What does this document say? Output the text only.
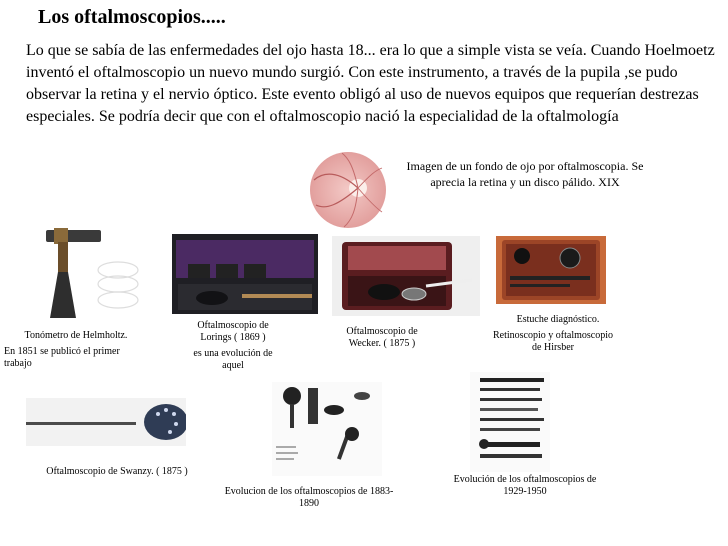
Los oftalmoscopios.....
Lo que se sabía de las enfermedades del ojo hasta 18... era lo que a simple vista se veía. Cuando Hoelmoetz inventó el oftalmoscopio un nuevo mundo surgió. Con este instrumento, a través de la pupila ,se pudo observar la retina y el nervio óptico. Este evento obligó al uso de nuevos equipos que requerían destrezas especiales. Se podría decir que con el oftalmoscopio nació la especialidad de la oftalmología
Imagen de un fondo de ojo por oftalmoscopia. Se aprecia la retina y un disco pálido. XIX
Tonómetro de Helmholtz.
En 1851 se publicó el primer trabajo
Oftalmoscopio de Lorings ( 1869 )
es una evolución de aquel
Oftalmoscopio de Wecker. ( 1875 )
Estuche diagnóstico.
Retinoscopio y oftalmoscopio de Hirsber
Oftalmoscopio de Swanzy. ( 1875 )
Evolucion de los oftalmoscopios de 1883- 1890
Evolución de los oftalmoscopios de 1929-1950
